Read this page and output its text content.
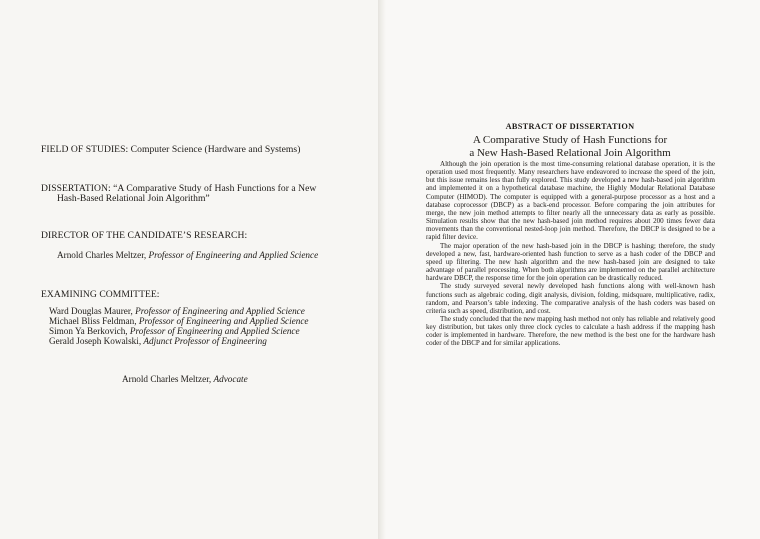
FIELD OF STUDIES: Computer Science (Hardware and Systems)
DISSERTATION: “A Comparative Study of Hash Functions for a New
Hash-Based Relational Join Algorithm”
DIRECTOR OF THE CANDIDATE’S RESEARCH:
Arnold Charles Meltzer, Professor of Engineering and Applied Science
EXAMINING COMMITTEE:
Ward Douglas Maurer, Professor of Engineering and Applied Science
Michael Bliss Feldman, Professor of Engineering and Applied Science
Simon Ya Berkovich, Professor of Engineering and Applied Science
Gerald Joseph Kowalski, Adjunct Professor of Engineering
Arnold Charles Meltzer, Advocate
ABSTRACT OF DISSERTATION
A Comparative Study of Hash Functions for
a New Hash-Based Relational Join Algorithm

Although the join operation is the most time-consuming relational database operation, it is the operation used most frequently. Many researchers have endeavored to increase the speed of the join, but this issue remains less than fully explored. This study developed a new hash-based join algorithm and implemented it on a hypothetical database machine, the Highly Modular Relational Database Computer (HIMOD). The computer is equipped with a general-purpose processor as a host and a database coprocessor (DBCP) as a back-end processor. Before comparing the join attributes for merge, the new join method attempts to filter nearly all the unnecessary data as early as possible. Simulation results show that the new hash-based join method requires about 200 times fewer data movements than the conventional nested-loop join method. Therefore, the DBCP is designed to be a rapid filter device.

The major operation of the new hash-based join in the DBCP is hashing; therefore, the study developed a new, fast, hardware-oriented hash function to serve as a hash coder of the DBCP and speed up filtering. The new hash algorithm and the new hash-based join are designed to take advantage of parallel processing. When both algorithms are implemented on the parallel architecture hardware DBCP, the response time for the join operation can be drastically reduced.

The study surveyed several newly developed hash functions along with well-known hash functions such as algebraic coding, digit analysis, division, folding, midsquare, multiplicative, radix, random, and Pearson’s table indexing. The comparative analysis of the hash coders was based on criteria such as speed, distribution, and cost.

The study concluded that the new mapping hash method not only has reliable and relatively good key distribution, but takes only three clock cycles to calculate a hash address if the mapping hash coder is implemented in hardware. Therefore, the new method is the best one for the hardware hash coder of the DBCP and for similar applications.
